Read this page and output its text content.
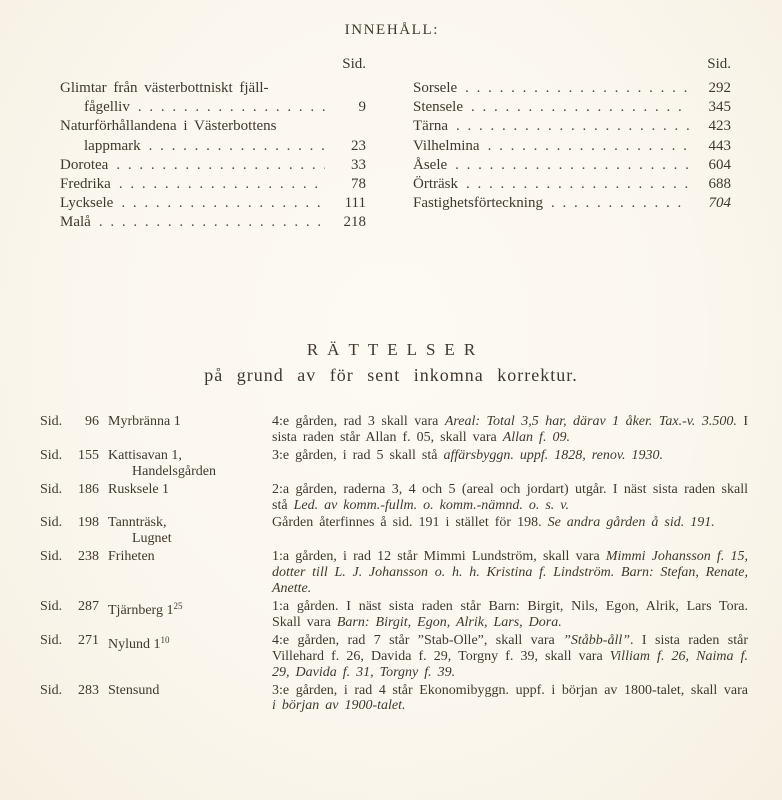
INNEHÅLL:
Sid.
Glimtar från västerbottniskt fjäll-
fågelliv . . .	9
Naturförhållandena i Västerbottens
lappmark . . .	23
Dorotea . . .	33
Fredrika . . .	78
Lycksele . . .	111
Malå . . .	218
Sid.
Sorsele . . .	292
Stensele . . .	345
Tärna . . .	423
Vilhelmina . . .	443
Åsele . . .	604
Örträsk . . .	688
Fastighetsförteckning . . .	704
RÄTTELSER
på grund av för sent inkomna korrektur.
Sid.	96 Myrbränna 1	4:e gården, rad 3 skall vara Areal: Total 3,5 har, därav 1 åker. Tax.-v. 3.500. I sista raden står Allan f. 05, skall vara Allan f. 09.
Sid.	155 Kattisavan 1,
Handelsgården
3:e gården, i rad 5 skall stå affärsbyggn. uppf. 1828, renov. 1930.
Sid.	186 Rusksele 1	2:a gården, raderna 3, 4 och 5 (areal och jordart) utgår. I näst sista raden skall stå Led. av komm.-fullm. o. komm.-nämnd. o. s. v.
Sid.	198 Tannträsk,
Lugnet
Gården återfinnes å sid. 191 i stället för 198. Se andra gården å sid. 191.
Sid.	238 Friheten	1:a gården, i rad 12 står Mimmi Lundström, skall vara Mimmi Johansson f. 15, dotter till L. J. Johansson o. h. h. Kristina f. Lindström. Barn: Stefan, Renate, Anette.
Sid.	287 Tjärnberg $1^{25}$	1:a gården. I näst sista raden står Barn: Birgit, Nils, Egon, Alrik, Lars Tora. Skall vara Barn: Birgit, Egon, Alrik, Lars, Dora.
Sid.	271 Nylund $1^{10}$	4:e gården, rad 7 står ”Stab-Olle”, skall vara ”Ståbb-åll”. I sista raden står Villehard f. 26, Davida f. 29, Torgny f. 39, skall vara Villiam f. 26, Naima f. 29, Davida f. 31, Torgny f. 39.
Sid.	283 Stensund	3:e gården, i rad 4 står Ekonomibyggn. uppf. i början av 1800-talet, skall vara i början av 1900-talet.
